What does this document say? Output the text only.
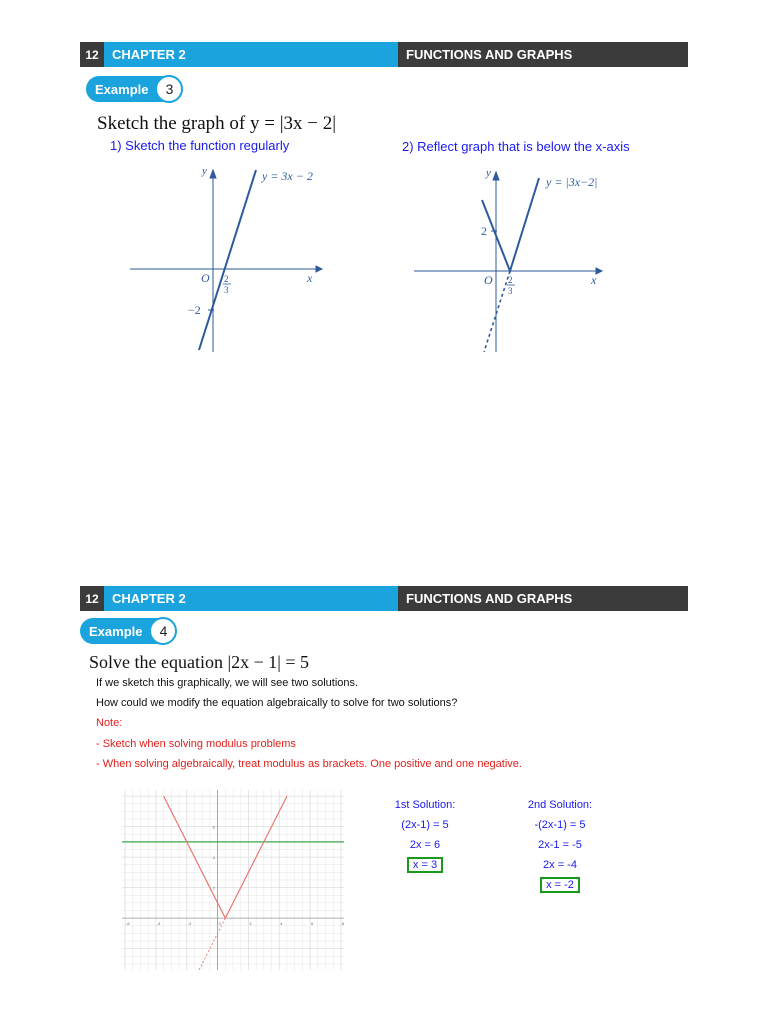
12	CHAPTER 2	FUNCTIONS AND GRAPHS
Example	3
Sketch the graph of y = |3x − 2|
1) Sketch the function regularly	2) Reflect graph that is below the x-axis
y
x
O 2
3
−2
y = 3x − 2	y
x
O 2
3
2
y = |3x−2|
12	CHAPTER 2	FUNCTIONS AND GRAPHS
Example	4
Solve the equation |2x − 1| = 5
If we sketch this graphically, we will see two solutions.
How could we modify the equation algebraically to solve for two solutions?
Note:
- Sketch when solving modulus problems
- When solving algebraically, treat modulus as brackets. One positive and one negative.
-6	-4	-2	0	2	4	6	8
6
4
2
1st Solution:
(2x-1) = 5
2x = 6
x = 3
2nd Solution:
-(2x-1) = 5
2x-1 = -5
2x = -4
x = -2
